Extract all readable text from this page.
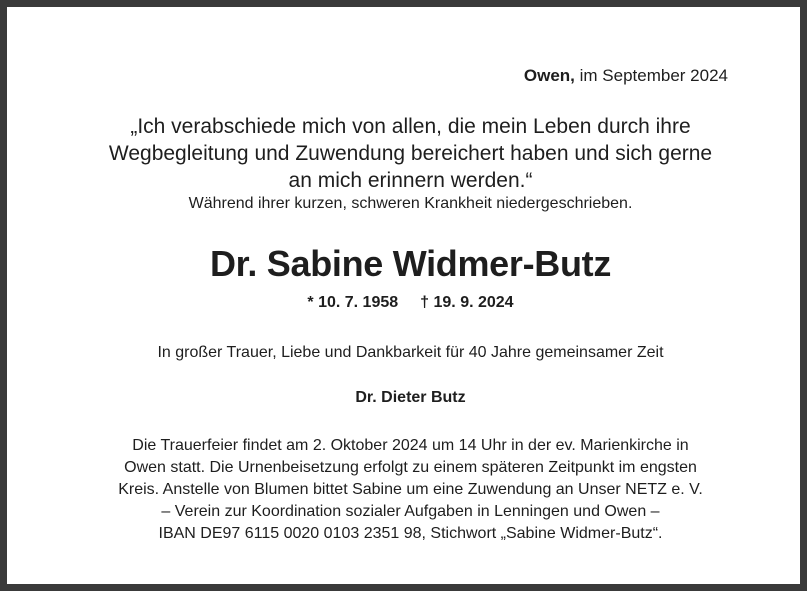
Owen, im September 2024
„Ich verabschiede mich von allen, die mein Leben durch ihre
Wegbegleitung und Zuwendung bereichert haben und sich gerne
an mich erinnern werden.“
Während ihrer kurzen, schweren Krankheit niedergeschrieben.
Dr. Sabine Widmer-Butz
* 10. 7. 1958 † 19. 9. 2024
In großer Trauer, Liebe und Dankbarkeit für 40 Jahre gemeinsamer Zeit
Dr. Dieter Butz
Die Trauerfeier findet am 2. Oktober 2024 um 14 Uhr in der ev. Marienkirche in
Owen statt. Die Urnenbeisetzung erfolgt zu einem späteren Zeitpunkt im engsten
Kreis. Anstelle von Blumen bittet Sabine um eine Zuwendung an Unser NETZ e. V.
– Verein zur Koordination sozialer Aufgaben in Lenningen und Owen –
IBAN DE97 6115 0020 0103 2351 98, Stichwort „Sabine Widmer-Butz“.
